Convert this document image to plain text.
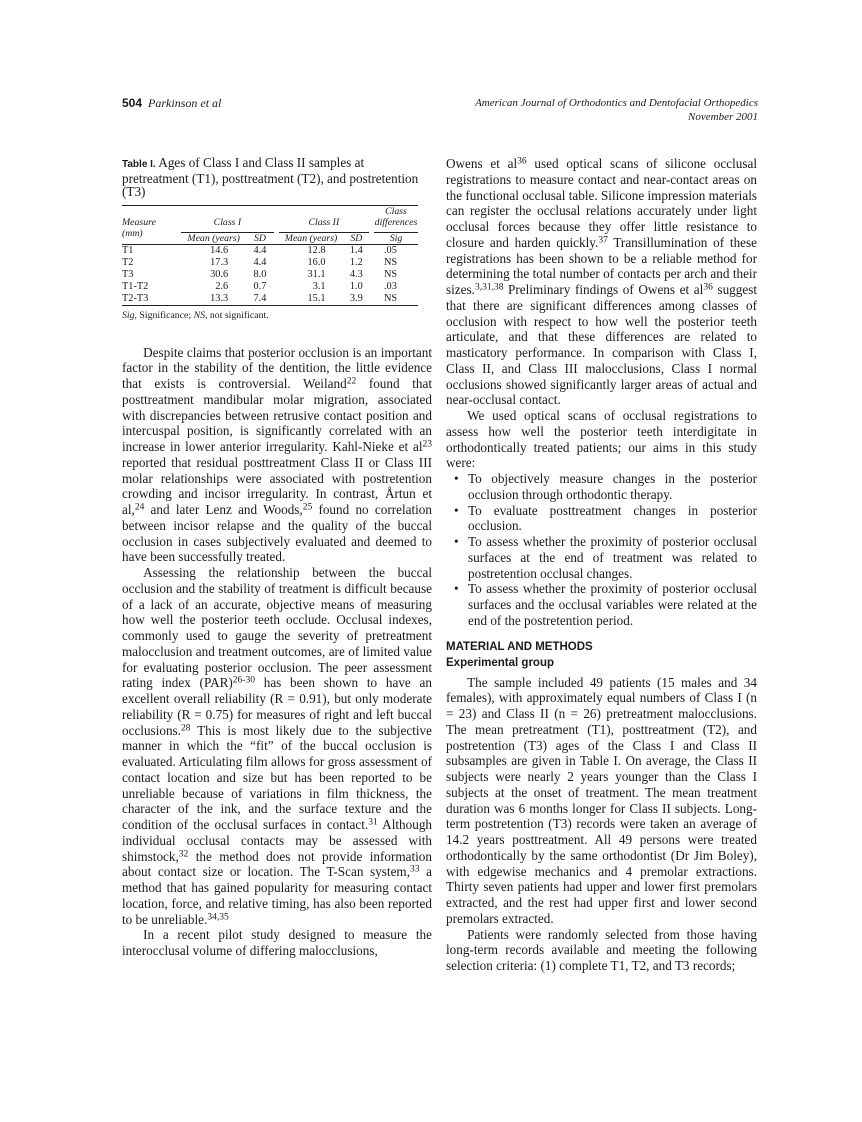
504 Parkinson et al	American Journal of Orthodontics and Dentofacial Orthopedics
November 2001
Table I. Ages of Class I and Class II samples at pretreatment (T1), posttreatment (T2), and postretention (T3)
Measure
(mm)	Class I			Class II			Class
differences
	Mean (years)	SD		Mean (years)	SD		Sig
T1	14.6	4.4		12.8	1.4		.05
T2	17.3	4.4		16.0	1.2		NS
T3	30.6	8.0		31.1	4.3		NS
T1-T2	2.6	0.7		3.1	1.0		.03
T2-T3	13.3	7.4		15.1	3.9		NS
Sig, Significance; NS, not significant.

Despite claims that posterior occlusion is an important factor in the stability of the dentition, the little evidence that exists is controversial. Weiland$^{22}$ found that posttreatment mandibular molar migration, associated with discrepancies between retrusive contact position and intercuspal position, is significantly correlated with an increase in lower anterior irregularity. Kahl-Nieke et $al^{23}$ reported that residual posttreatment Class II or Class III molar relationships were associated with postretention crowding and incisor irregularity. In contrast, Årtun et al,$^{24}$ and later Lenz and Woods,$^{25}$ found no correlation between incisor relapse and the quality of the buccal occlusion in cases subjectively evaluated and deemed to have been successfully treated.

Assessing the relationship between the buccal occlusion and the stability of treatment is difficult because of a lack of an accurate, objective means of measuring how well the posterior teeth occlude. Occlusal indexes, commonly used to gauge the severity of pretreatment malocclusion and treatment outcomes, are of limited value for evaluating posterior occlusion. The peer assessment rating index (PAR)$^{26-30}$ has been shown to have an excellent overall reliability (R = 0.91), but only moderate reliability (R = 0.75) for measures of right and left buccal occlusions.$^{28}$ This is most likely due to the subjective manner in which the “fit” of the buccal occlusion is evaluated. Articulating film allows for gross assessment of contact location and size but has been reported to be unreliable because of variations in film thickness, the character of the ink, and the surface texture and the condition of the occlusal surfaces in contact.$^{31}$ Although individual occlusal contacts may be assessed with shimstock,$^{32}$ the method does not provide information about contact size or location. The T-Scan system,$^{33}$ a method that has gained popularity for measuring contact location, force, and relative timing, has also been reported to be unreliable.$^{34,35}$

In a recent pilot study designed to measure the interocclusal volume of differing malocclusions,

Owens et $al^{36}$ used optical scans of silicone occlusal registrations to measure contact and near-contact areas on the functional occlusal table. Silicone impression materials can register the occlusal relations accurately under light occlusal forces because they offer little resistance to closure and harden quickly.$^{37}$ Transillumination of these registrations has been shown to be a reliable method for determining the total number of contacts per arch and their sizes.$^{3,31,38}$ Preliminary findings of Owens et $al^{36}$ suggest that there are significant differences among classes of occlusion with respect to how well the posterior teeth articulate, and that these differences are related to masticatory performance. In comparison with Class I, Class II, and Class III malocclusions, Class I normal occlusions showed significantly larger areas of actual and near-occlusal contact.

We used optical scans of occlusal registrations to assess how well the posterior teeth interdigitate in orthodontically treated patients; our aims in this study were:

• To objectively measure changes in the posterior occlusion through orthodontic therapy.
• To evaluate posttreatment changes in posterior occlusion.
• To assess whether the proximity of posterior occlusal surfaces at the end of treatment was related to postretention occlusal changes.
• To assess whether the proximity of posterior occlusal surfaces and the occlusal variables were related at the end of the postretention period.
MATERIAL AND METHODS
Experimental group

The sample included 49 patients (15 males and 34 females), with approximately equal numbers of Class I (n = 23) and Class II (n = 26) pretreatment malocclusions. The mean pretreatment (T1), posttreatment (T2), and postretention (T3) ages of the Class I and Class II subsamples are given in Table I. On average, the Class II subjects were nearly 2 years younger than the Class I subjects at the onset of treatment. The mean treatment duration was 6 months longer for Class II subjects. Long-term postretention (T3) records were taken an average of 14.2 years posttreatment. All 49 persons were treated orthodontically by the same orthodontist (Dr Jim Boley), with edgewise mechanics and 4 premolar extractions. Thirty seven patients had upper and lower first premolars extracted, and the rest had upper first and lower second premolars extracted.

Patients were randomly selected from those having long-term records available and meeting the following selection criteria: (1) complete T1, T2, and T3 records;
